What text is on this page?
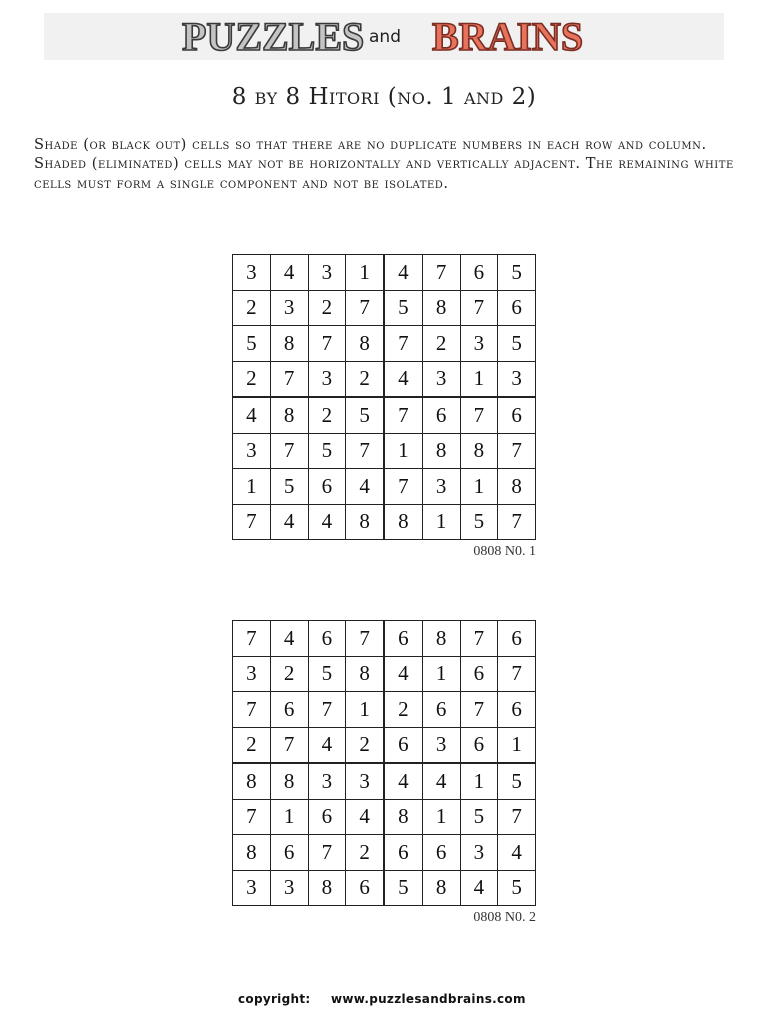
PUZZLES and BRAINS
8 by 8 Hitori (no. 1 and 2)

Shade (or black out) cells so that there are no duplicate numbers in each row and column. Shaded (eliminated) cells may not be horizontally and vertically adjacent. The remaining white cells must form a single component and not be isolated.

3	4	3	1	4	7	6	5
2	3	2	7	5	8	7	6
5	8	7	8	7	2	3	5
2	7	3	2	4	3	1	3
4	8	2	5	7	6	7	6
3	7	5	7	1	8	8	7
1	5	6	4	7	3	1	8
7	4	4	8	8	1	5	7
0808 N0. 1
7	4	6	7	6	8	7	6
3	2	5	8	4	1	6	7
7	6	7	1	2	6	7	6
2	7	4	2	6	3	6	1
8	8	3	3	4	4	1	5
7	1	6	4	8	1	5	7
8	6	7	2	6	6	3	4
3	3	8	6	5	8	4	5
0808 N0. 2
copyright: www.puzzlesandbrains.com
